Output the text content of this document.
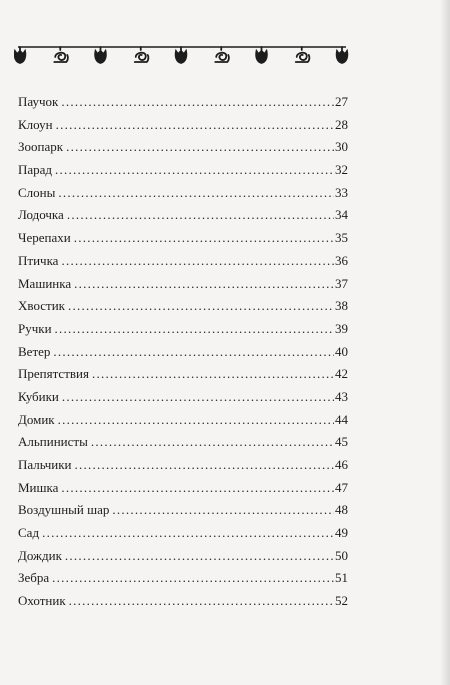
Паучок . . .	27
Клоун . . .	28
Зоопарк . . .	30
Парад . . .	32
Слоны . . .	33
Лодочка . . .	34
Черепахи . . .	35
Птичка . . .	36
Машинка . . .	37
Хвостик . . .	38
Ручки . . .	39
Ветер . . .	40
Препятствия . . .	42
Кубики . . .	43
Домик . . .	44
Альпинисты . . .	45
Пальчики . . .	46
Мишка . . .	47
Воздушный шар . . .	48
Сад . . .	49
Дождик . . .	50
Зебра . . .	51
Охотник . . .	52
